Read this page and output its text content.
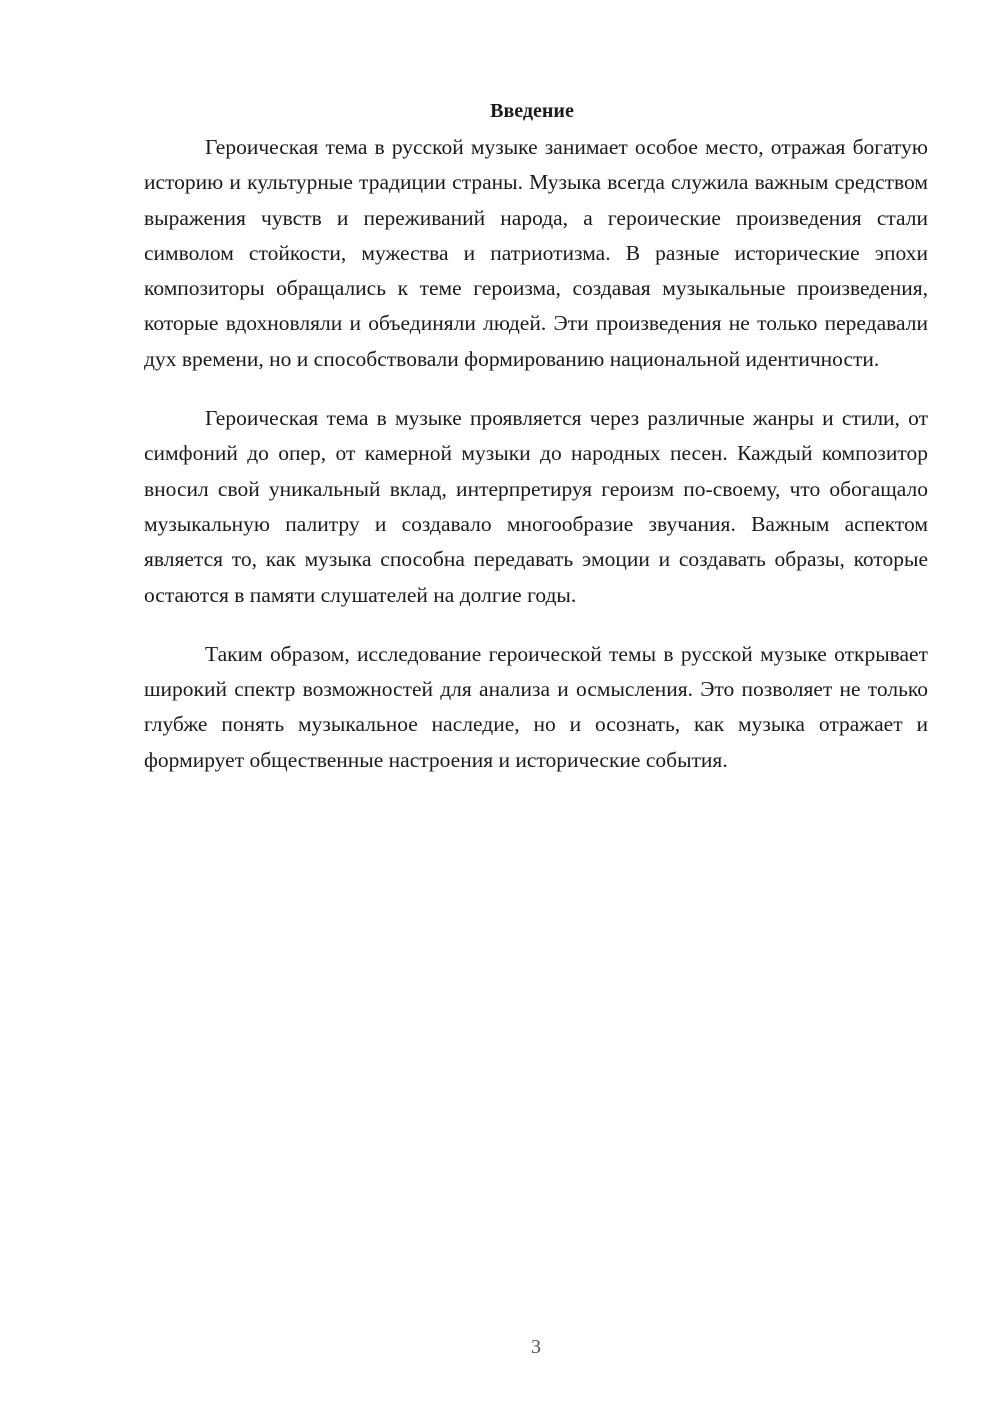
Введение

Героическая тема в русской музыке занимает особое место, отражая богатую историю и культурные традиции страны. Музыка всегда служила важным средством выражения чувств и переживаний народа, а героические произведения стали символом стойкости, мужества и патриотизма. В разные исторические эпохи композиторы обращались к теме героизма, создавая музыкальные произведения, которые вдохновляли и объединяли людей. Эти произведения не только передавали дух времени, но и способствовали формированию национальной идентичности.

Героическая тема в музыке проявляется через различные жанры и стили, от симфоний до опер, от камерной музыки до народных песен. Каждый композитор вносил свой уникальный вклад, интерпретируя героизм по-своему, что обогащало музыкальную палитру и создавало многообразие звучания. Важным аспектом является то, как музыка способна передавать эмоции и создавать образы, которые остаются в памяти слушателей на долгие годы.

Таким образом, исследование героической темы в русской музыке открывает широкий спектр возможностей для анализа и осмысления. Это позволяет не только глубже понять музыкальное наследие, но и осознать, как музыка отражает и формирует общественные настроения и исторические события.

3
